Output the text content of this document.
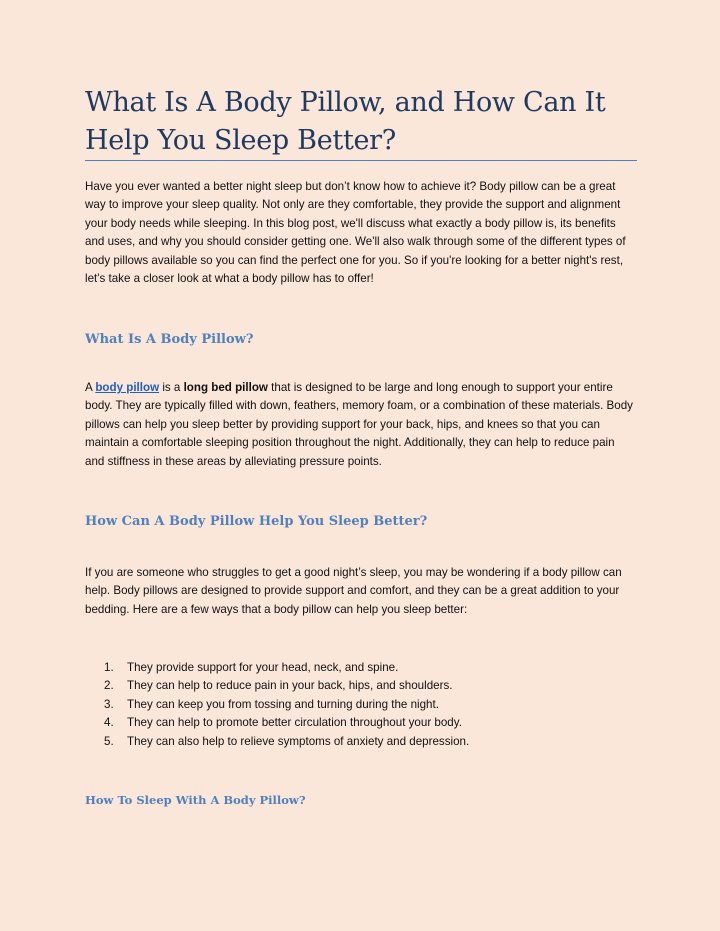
What Is A Body Pillow, and How Can It Help You Sleep Better?

Have you ever wanted a better night sleep but don’t know how to achieve it? Body pillow can be a great way to improve your sleep quality. Not only are they comfortable, they provide the support and alignment your body needs while sleeping. In this blog post, we'll discuss what exactly a body pillow is, its benefits and uses, and why you should consider getting one. We'll also walk through some of the different types of body pillows available so you can find the perfect one for you. So if you're looking for a better night's rest, let's take a closer look at what a body pillow has to offer!

What Is A Body Pillow?

A body pillow is a long bed pillow that is designed to be large and long enough to support your entire body. They are typically filled with down, feathers, memory foam, or a combination of these materials. Body pillows can help you sleep better by providing support for your back, hips, and knees so that you can maintain a comfortable sleeping position throughout the night. Additionally, they can help to reduce pain and stiffness in these areas by alleviating pressure points.

How Can A Body Pillow Help You Sleep Better?

If you are someone who struggles to get a good night’s sleep, you may be wondering if a body pillow can help. Body pillows are designed to provide support and comfort, and they can be a great addition to your bedding. Here are a few ways that a body pillow can help you sleep better:

1. They provide support for your head, neck, and spine.
2. They can help to reduce pain in your back, hips, and shoulders.
3. They can keep you from tossing and turning during the night.
4. They can help to promote better circulation throughout your body.
5. They can also help to relieve symptoms of anxiety and depression.
How To Sleep With A Body Pillow?
